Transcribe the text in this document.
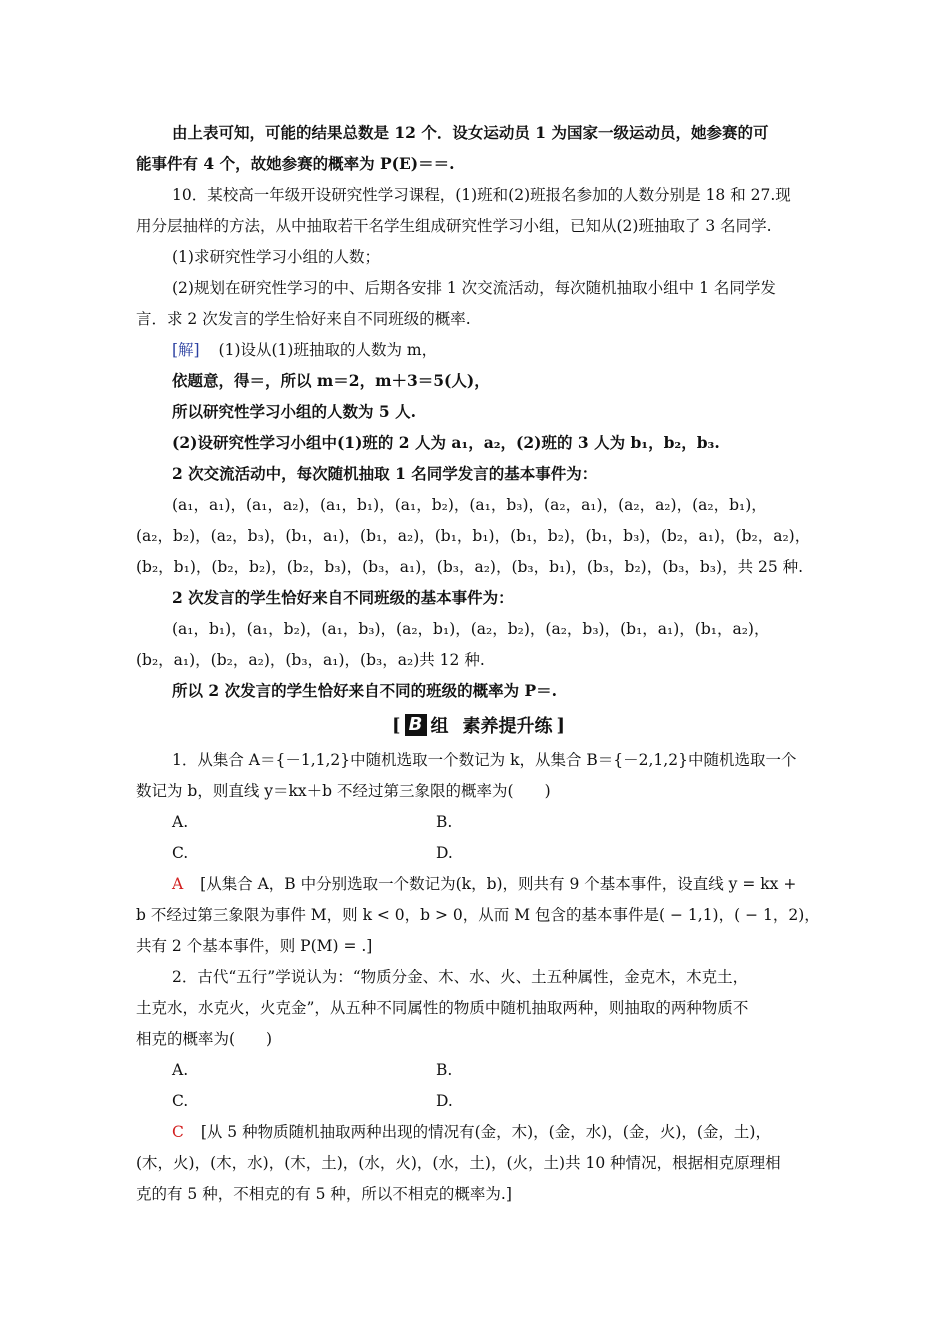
由上表可知，可能的结果总数是 12 个．设女运动员 1 为国家一级运动员，她参赛的可
能事件有 4 个，故她参赛的概率为 P(E)＝＝.
10．某校高一年级开设研究性学习课程，(1)班和(2)班报名参加的人数分别是 18 和 27.现
用分层抽样的方法，从中抽取若干名学生组成研究性学习小组，已知从(2)班抽取了 3 名同学.
(1)求研究性学习小组的人数；
(2)规划在研究性学习的中、后期各安排 1 次交流活动，每次随机抽取小组中 1 名同学发
言．求 2 次发言的学生恰好来自不同班级的概率.
[解] (1)设从(1)班抽取的人数为 m，
依题意，得＝，所以 m＝2，m＋3＝5(人)，
所以研究性学习小组的人数为 5 人.
(2)设研究性学习小组中(1)班的 2 人为 a₁，a₂，(2)班的 3 人为 b₁，b₂，b₃.
2 次交流活动中，每次随机抽取 1 名同学发言的基本事件为：
(a₁，a₁)，(a₁，a₂)，(a₁，b₁)，(a₁，b₂)，(a₁，b₃)，(a₂，a₁)，(a₂，a₂)，(a₂，b₁)，
(a₂，b₂)，(a₂，b₃)，(b₁，a₁)，(b₁，a₂)，(b₁，b₁)，(b₁，b₂)，(b₁，b₃)，(b₂，a₁)，(b₂，a₂)，
(b₂，b₁)，(b₂，b₂)，(b₂，b₃)，(b₃，a₁)，(b₃，a₂)，(b₃，b₁)，(b₃，b₂)，(b₃，b₃)，共 25 种.
2 次发言的学生恰好来自不同班级的基本事件为：
(a₁，b₁)，(a₁，b₂)，(a₁，b₃)，(a₂，b₁)，(a₂，b₂)，(a₂，b₃)，(b₁，a₁)，(b₁，a₂)，
(b₂，a₁)，(b₂，a₂)，(b₃，a₁)，(b₃，a₂)共 12 种.
所以 2 次发言的学生恰好来自不同的班级的概率为 P＝.
[ B 组 素养提升练 ]
1．从集合 A＝{－1,1,2}中随机选取一个数记为 k，从集合 B＝{－2,1,2}中随机选取一个
数记为 b，则直线 y＝kx＋b 不经过第三象限的概率为(　　)
A.	B.
C.	D.
A [从集合 A，B 中分别选取一个数记为(k，b)，则共有 9 个基本事件，设直线 y = kx +
b 不经过第三象限为事件 M，则 k < 0，b > 0，从而 M 包含的基本事件是( − 1,1)，( − 1，2)，
共有 2 个基本事件，则 P(M) = .]
2．古代“五行”学说认为：“物质分金、木、水、火、土五种属性，金克木，木克土，
土克水，水克火，火克金”，从五种不同属性的物质中随机抽取两种，则抽取的两种物质不
相克的概率为(　　)
A.	B.
C.	D.
C [从 5 种物质随机抽取两种出现的情况有(金，木)，(金，水)，(金，火)，(金，土)，
(木，火)，(木，水)，(木，土)，(水，火)，(水，土)，(火，土)共 10 种情况，根据相克原理相
克的有 5 种，不相克的有 5 种，所以不相克的概率为.]
